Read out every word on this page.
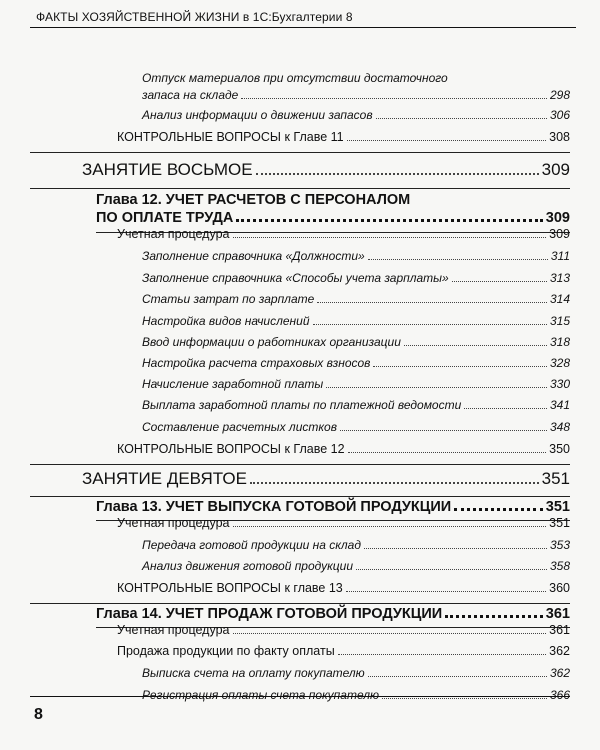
ФАКТЫ ХОЗЯЙСТВЕННОЙ ЖИЗНИ в 1С:Бухгалтерии 8
Отпуск материалов при отсутствии достаточного
запаса на складе	298
Анализ информации о движении запасов	306
КОНТРОЛЬНЫЕ ВОПРОСЫ к Главе 11	308
ЗАНЯТИЕ ВОСЬМОЕ	309
Глава 12. УЧЕТ РАСЧЕТОВ С ПЕРСОНАЛОМ
ПО ОПЛАТЕ ТРУДА	309
Учетная процедура	309
Заполнение справочника «Должности»	311
Заполнение справочника «Способы учета зарплаты»	313
Статьи затрат по зарплате	314
Настройка видов начислений	315
Ввод информации о работниках организации	318
Настройка расчета страховых взносов	328
Начисление заработной платы	330
Выплата заработной платы по платежной ведомости	341
Составление расчетных листков	348
КОНТРОЛЬНЫЕ ВОПРОСЫ к Главе 12	350
ЗАНЯТИЕ ДЕВЯТОЕ	351
Глава 13. УЧЕТ ВЫПУСКА ГОТОВОЙ ПРОДУКЦИИ	351
Учетная процедура	351
Передача готовой продукции на склад	353
Анализ движения готовой продукции	358
КОНТРОЛЬНЫЕ ВОПРОСЫ к главе 13	360
Глава 14. УЧЕТ ПРОДАЖ ГОТОВОЙ ПРОДУКЦИИ	361
Учетная процедура	361
Продажа продукции по факту оплаты	362
Выписка счета на оплату покупателю	362
Регистрация оплаты счета покупателю	366
8
